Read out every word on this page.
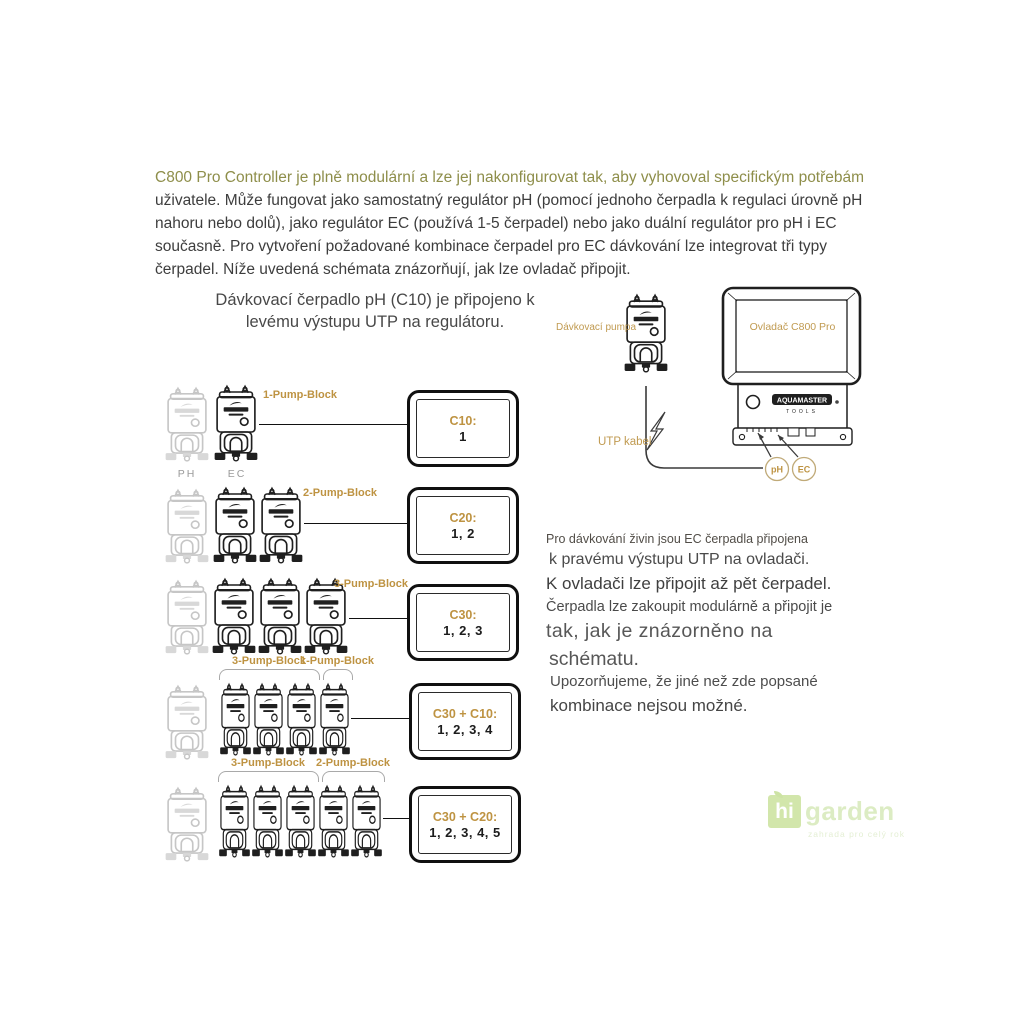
C800 Pro Controller je plně modulární a lze jej nakonfigurovat tak, aby vyhovoval specifickým potřebám
uživatele. Může fungovat jako samostatný regulátor pH (pomocí jednoho čerpadla k regulaci úrovně pH
nahoru nebo dolů), jako regulátor EC (používá 1-5 čerpadel) nebo jako duální regulátor pro pH i EC
současně. Pro vytvoření požadované kombinace čerpadel pro EC dávkování lze integrovat tři typy
čerpadel. Níže uvedená schémata znázorňují, jak lze ovladač připojit.
Dávkovací čerpadlo pH (C10) je připojeno k
levému výstupu UTP na regulátoru.
1-Pump-Block
C10:
1
PH	EC
2-Pump-Block
C20:
1, 2
3-Pump-Block
C30:
1, 2, 3
3-Pump-Block
1-Pump-Block
C30 + C10:
1, 2, 3, 4
3-Pump-Block	2-Pump-Block
C30 + C20:
1, 2, 3, 4, 5
AQUAMASTER
TOOLS
pH EC
Dávkovací pumpa	Ovladač C800 Pro
UTP kabel
Pro dávkování živin jsou EC čerpadla připojena
k pravému výstupu UTP na ovladači.
K ovladači lze připojit až pět čerpadel.
Čerpadla lze zakoupit modulárně a připojit je
tak, jak je znázorněno na
schématu.
Upozorňujeme, že jiné než zde popsané
kombinace nejsou možné.
hi garden
zahrada pro celý rok
